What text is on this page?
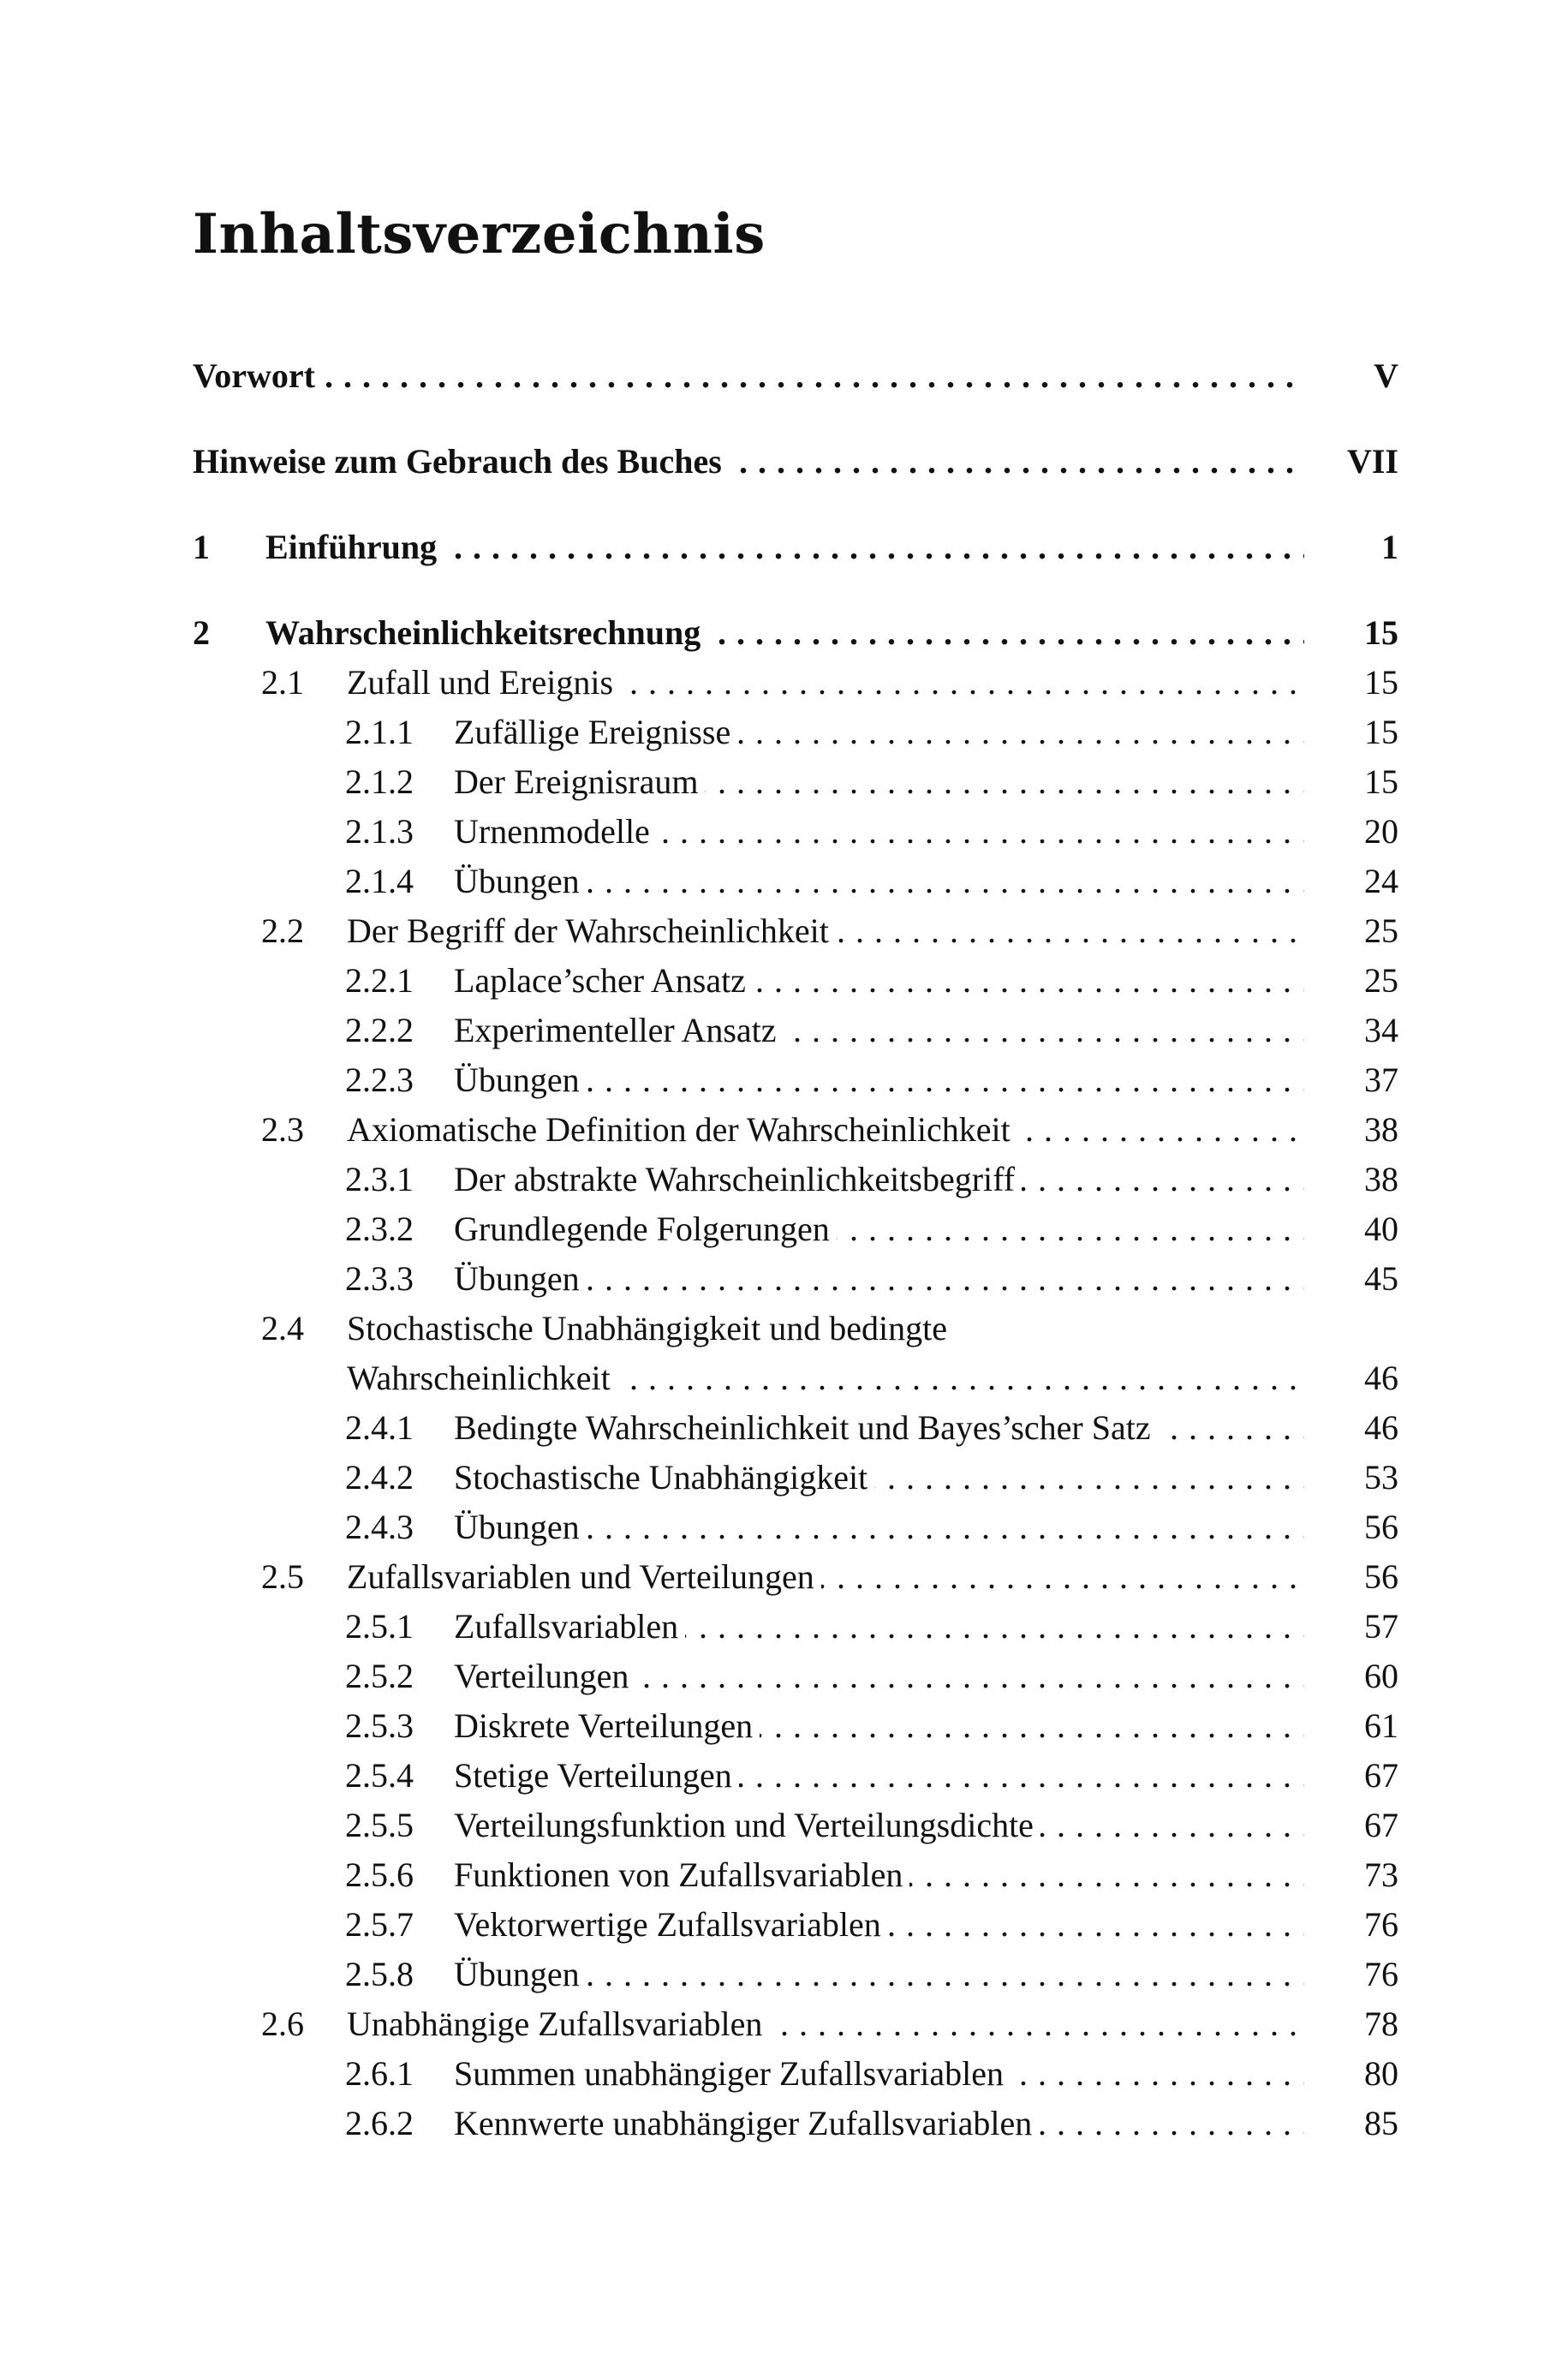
Inhaltsverzeichnis
Vorwort . . .	V
Hinweise zum Gebrauch des Buches . . .	VII
1 Einführung . . .	1
2 Wahrscheinlichkeitsrechnung . . .	15
2.1 Zufall und Ereignis . . .	15
2.1.1 Zufällige Ereignisse . . .	15
2.1.2 Der Ereignisraum . . .	15
2.1.3 Urnenmodelle . . .	20
2.1.4 Übungen . . .	24
2.2 Der Begriff der Wahrscheinlichkeit . . .	25
2.2.1 Laplace’scher Ansatz . . .	25
2.2.2 Experimenteller Ansatz . . .	34
2.2.3 Übungen . . .	37
2.3 Axiomatische Definition der Wahrscheinlichkeit . . .	38
2.3.1 Der abstrakte Wahrscheinlichkeitsbegriff . . .	38
2.3.2 Grundlegende Folgerungen . . .	40
2.3.3 Übungen . . .	45
2.4 Stochastische Unabhängigkeit und bedingte
Wahrscheinlichkeit . . .	46
2.4.1 Bedingte Wahrscheinlichkeit und Bayes’scher Satz . . .	46
2.4.2 Stochastische Unabhängigkeit . . .	53
2.4.3 Übungen . . .	56
2.5 Zufallsvariablen und Verteilungen . . .	56
2.5.1 Zufallsvariablen . . .	57
2.5.2 Verteilungen . . .	60
2.5.3 Diskrete Verteilungen . . .	61
2.5.4 Stetige Verteilungen . . .	67
2.5.5 Verteilungsfunktion und Verteilungsdichte . . .	67
2.5.6 Funktionen von Zufallsvariablen . . .	73
2.5.7 Vektorwertige Zufallsvariablen . . .	76
2.5.8 Übungen . . .	76
2.6 Unabhängige Zufallsvariablen . . .	78
2.6.1 Summen unabhängiger Zufallsvariablen . . .	80
2.6.2 Kennwerte unabhängiger Zufallsvariablen . . .	85
